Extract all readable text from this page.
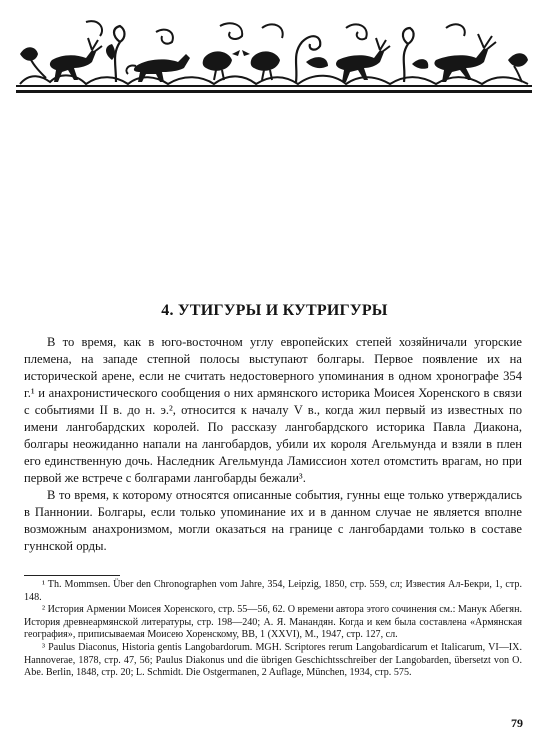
4. УТИГУРЫ И КУТРИГУРЫ

В то время, как в юго-восточном углу европейских степей хозяйничали угорские племена, на западе степной полосы выступают болгары. Первое появление их на исторической арене, если не считать недостоверного упоминания в одном хронографе 354 г.¹ и анахронистического сообщения о них армянского историка Моисея Хоренского в связи с событиями II в. до н. э.², относится к началу V в., когда жил первый из известных по имени лангобардских королей. По рассказу лангобардского историка Павла Диакона, болгары неожиданно напали на лангобардов, убили их короля Агельмунда и взяли в плен его единственную дочь. Наследник Агельмунда Ламиссион хотел отомстить врагам, но при первой же встрече с болгарами лангобарды бежали³.

В то время, к которому относятся описанные события, гунны еще только утверждались в Паннонии. Болгары, если только упоминание их и в данном случае не является вполне возможным анахронизмом, могли оказаться на границе с лангобардами только в составе гуннской орды.

¹ Th. Mommsen. Über den Chronographen vom Jahre, 354, Leipzig, 1850, стр. 559, сл; Известия Ал-Бекри, 1, стр. 148.

² История Армении Моисея Хоренского, стр. 55—56, 62. О времени автора этого сочинения см.: Манук Абегян. История древнеармянской литературы, стр. 198—240; А. Я. Манандян. Когда и кем была составлена «Армянская география», приписываемая Моисею Хоренскому, ВВ, 1 (XXVI), М., 1947, стр. 127, сл.

³ Paulus Diaconus, Historia gentis Langobardorum. MGH. Scriptores rerum Langobardicarum et Italicarum, VI—IX. Hannoverae, 1878, стр. 47, 56; Paulus Diakonus und die übrigen Geschichtsschreiber der Langobarden, übersetzt von O. Abe. Berlin, 1848, стр. 20; L. Schmidt. Die Ostgermanen, 2 Auflage, München, 1934, стр. 575.

79
